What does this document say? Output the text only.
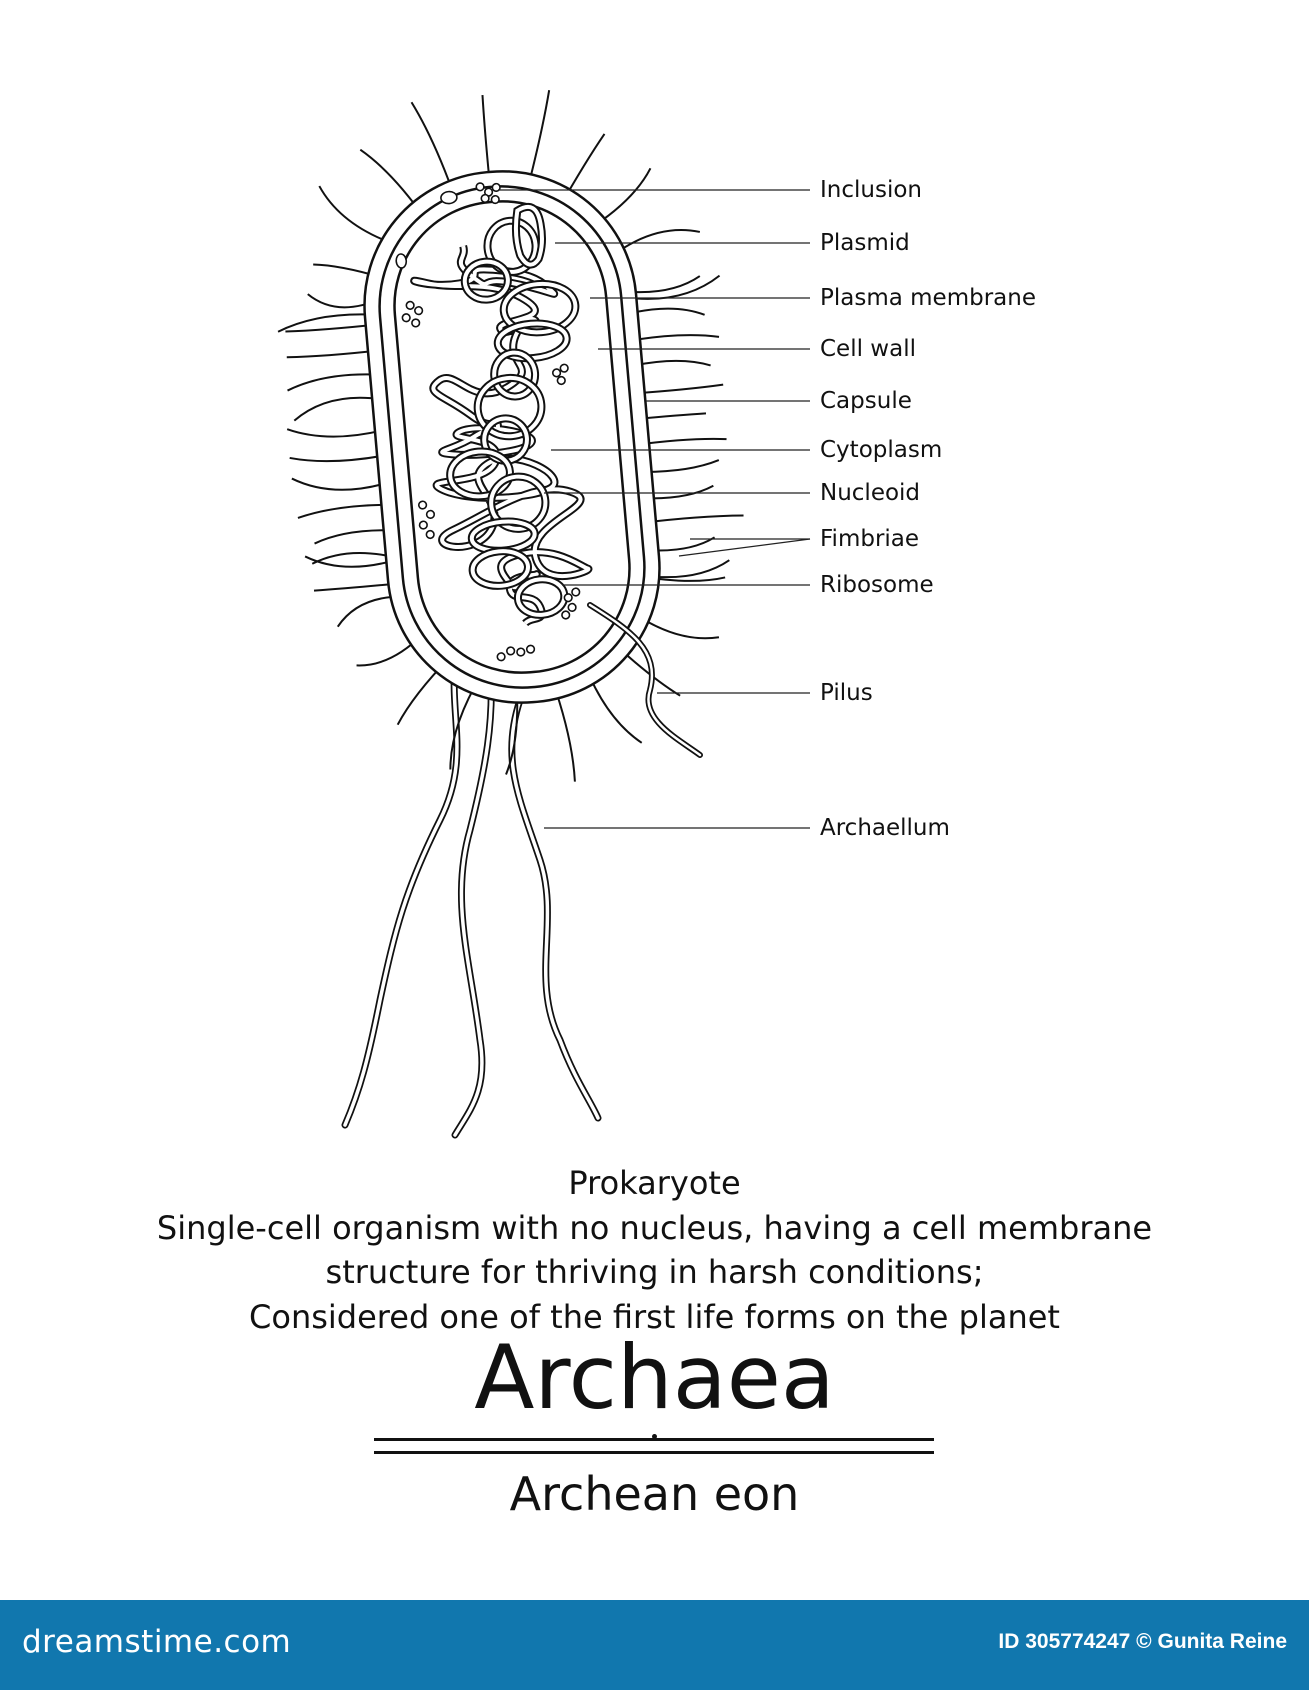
Inclusion
Plasmid
Plasma membrane
Cell wall
Capsule
Cytoplasm
Nucleoid
Fimbriae
Ribosome
Pilus
Archaellum
Prokaryote
Single-cell organism with no nucleus, having a cell membrane
structure for thriving in harsh conditions;
Considered one of the first life forms on the planet
Archaea
Archean eon
dreamstime.com	ID 305774247 © Gunita Reine
